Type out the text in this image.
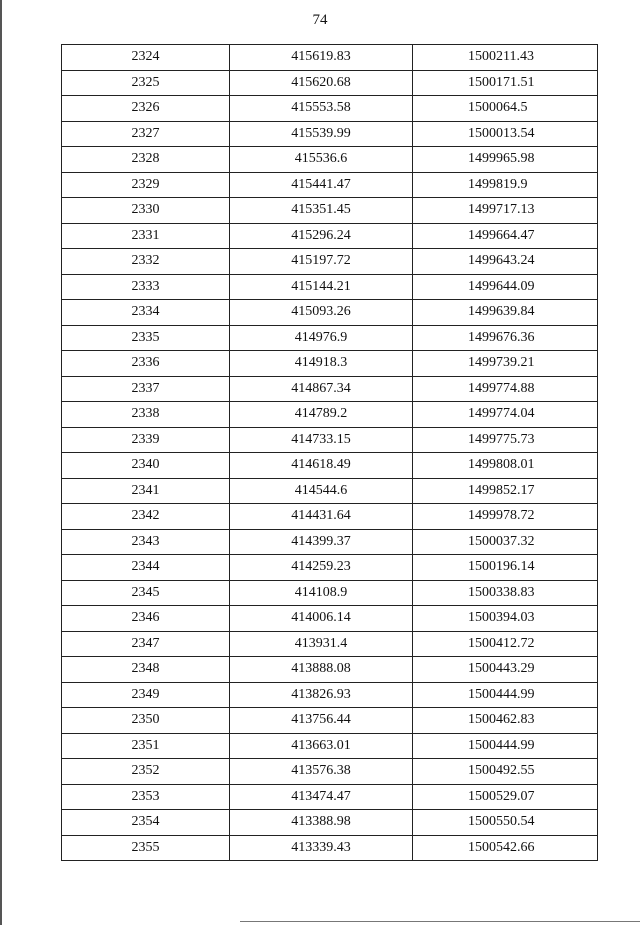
74
2324	415619.83	1500211.43
2325	415620.68	1500171.51
2326	415553.58	1500064.5
2327	415539.99	1500013.54
2328	415536.6	1499965.98
2329	415441.47	1499819.9
2330	415351.45	1499717.13
2331	415296.24	1499664.47
2332	415197.72	1499643.24
2333	415144.21	1499644.09
2334	415093.26	1499639.84
2335	414976.9	1499676.36
2336	414918.3	1499739.21
2337	414867.34	1499774.88
2338	414789.2	1499774.04
2339	414733.15	1499775.73
2340	414618.49	1499808.01
2341	414544.6	1499852.17
2342	414431.64	1499978.72
2343	414399.37	1500037.32
2344	414259.23	1500196.14
2345	414108.9	1500338.83
2346	414006.14	1500394.03
2347	413931.4	1500412.72
2348	413888.08	1500443.29
2349	413826.93	1500444.99
2350	413756.44	1500462.83
2351	413663.01	1500444.99
2352	413576.38	1500492.55
2353	413474.47	1500529.07
2354	413388.98	1500550.54
2355	413339.43	1500542.66
